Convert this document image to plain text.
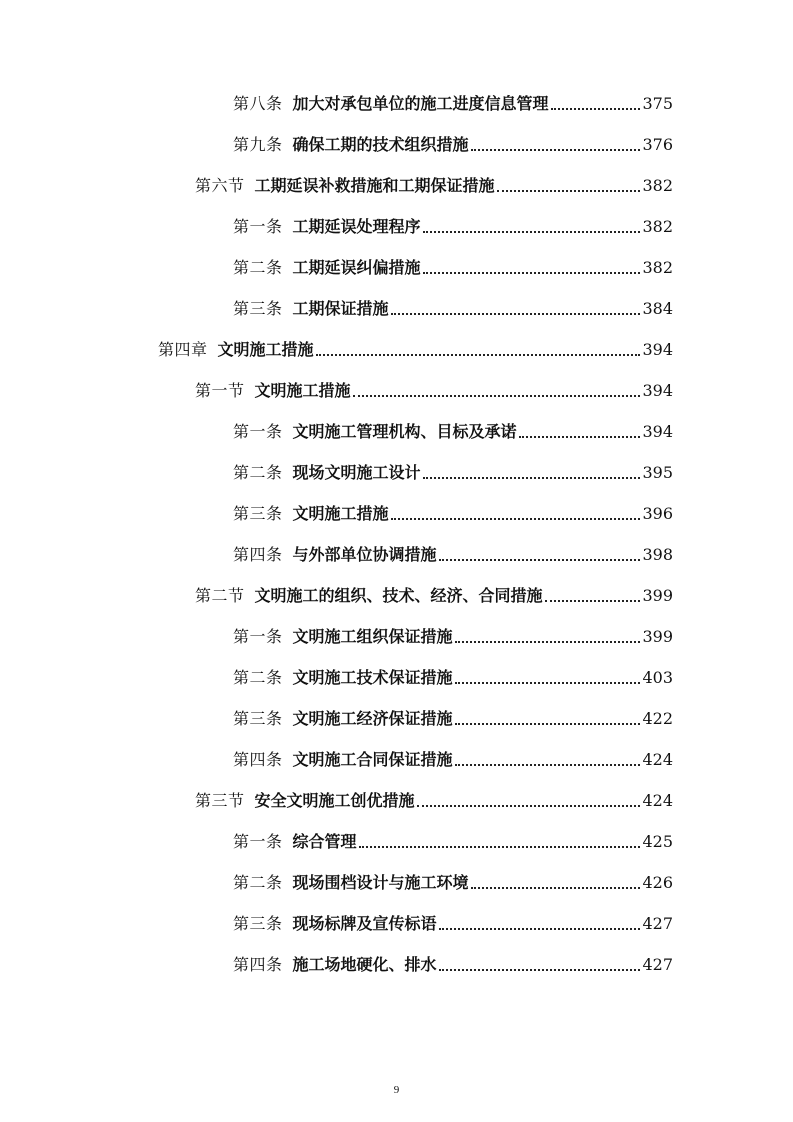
第八条 加大对承包单位的施工进度信息管理	375
第九条 确保工期的技术组织措施	376
第六节 工期延误补救措施和工期保证措施	382
第一条 工期延误处理程序	382
第二条 工期延误纠偏措施	382
第三条 工期保证措施	384
第四章 文明施工措施	394
第一节 文明施工措施	394
第一条 文明施工管理机构、目标及承诺	394
第二条 现场文明施工设计	395
第三条 文明施工措施	396
第四条 与外部单位协调措施	398
第二节 文明施工的组织、技术、经济、合同措施	399
第一条 文明施工组织保证措施	399
第二条 文明施工技术保证措施	403
第三条 文明施工经济保证措施	422
第四条 文明施工合同保证措施	424
第三节 安全文明施工创优措施	424
第一条 综合管理	425
第二条 现场围档设计与施工环境	426
第三条 现场标牌及宣传标语	427
第四条 施工场地硬化、排水	427
9
